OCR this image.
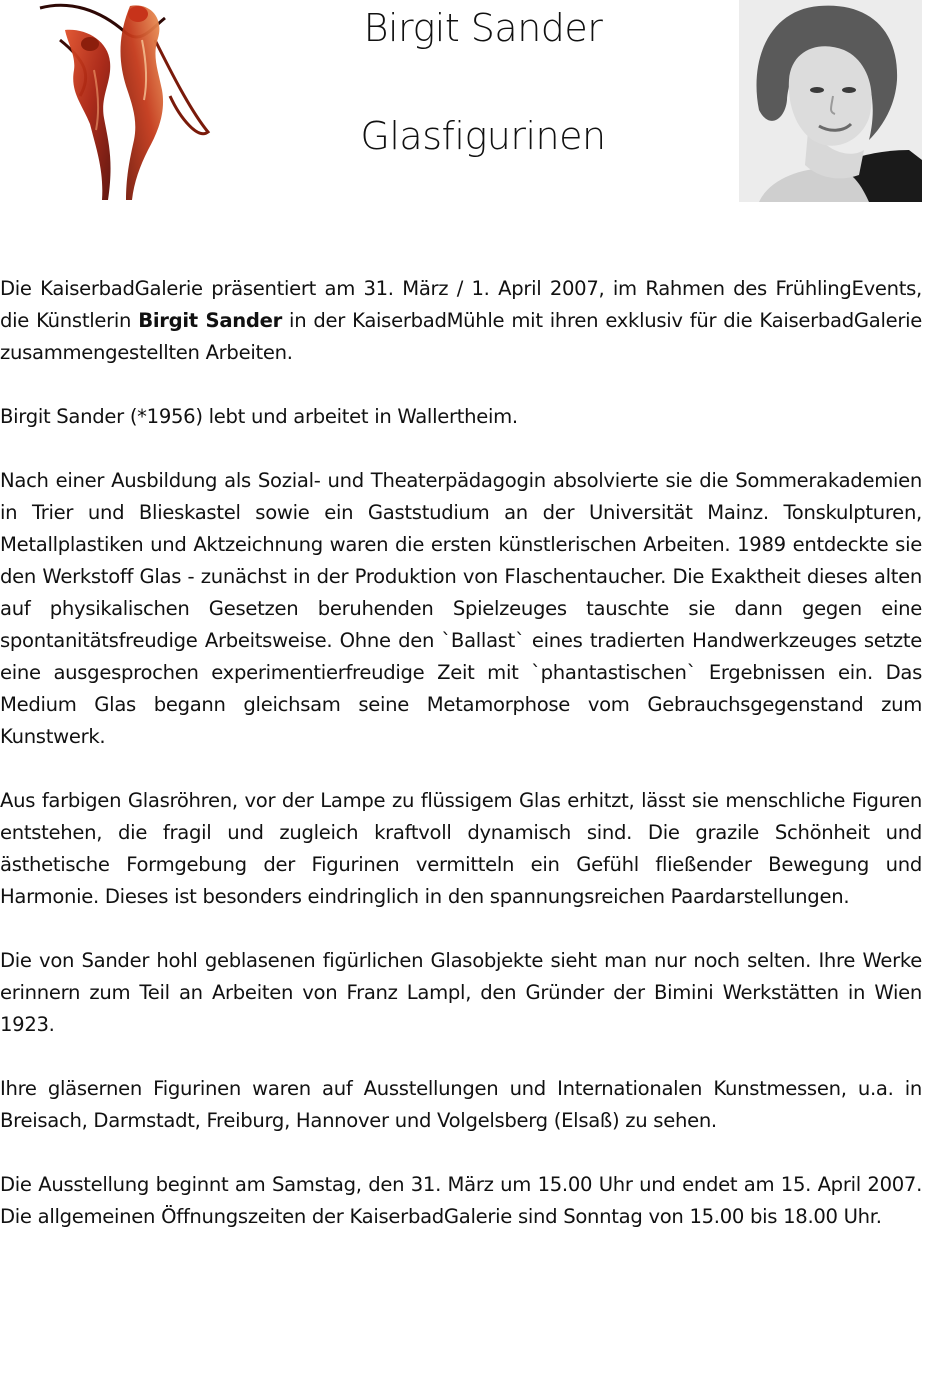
Birgit Sander
Glasfigurinen

Die KaiserbadGalerie präsentiert am 31. März / 1. April 2007, im Rahmen des FrühlingEvents, die Künstlerin Birgit Sander in der KaiserbadMühle mit ihren exklusiv für die KaiserbadGalerie zusammengestellten Arbeiten.

Birgit Sander (*1956) lebt und arbeitet in Wallertheim.

Nach einer Ausbildung als Sozial- und Theaterpädagogin absolvierte sie die Sommerakademien in Trier und Blieskastel sowie ein Gaststudium an der Universität Mainz. Tonskulpturen, Metallplastiken und Aktzeichnung waren die ersten künstlerischen Arbeiten. 1989 entdeckte sie den Werkstoff Glas - zunächst in der Produktion von Flaschentaucher. Die Exaktheit dieses alten auf physikalischen Gesetzen beruhenden Spielzeuges tauschte sie dann gegen eine spontanitätsfreudige Arbeitsweise. Ohne den `Ballast` eines tradierten Handwerkzeuges setzte eine ausgesprochen experimentierfreudige Zeit mit `phantastischen` Ergebnissen ein. Das Medium Glas begann gleichsam seine Metamorphose vom Gebrauchsgegenstand zum Kunstwerk.

Aus farbigen Glasröhren, vor der Lampe zu flüssigem Glas erhitzt, lässt sie menschliche Figuren entstehen, die fragil und zugleich kraftvoll dynamisch sind. Die grazile Schönheit und ästhetische Formgebung der Figurinen vermitteln ein Gefühl fließender Bewegung und Harmonie. Dieses ist besonders eindringlich in den spannungsreichen Paardarstellungen.

Die von Sander hohl geblasenen figürlichen Glasobjekte sieht man nur noch selten. Ihre Werke erinnern zum Teil an Arbeiten von Franz Lampl, den Gründer der Bimini Werkstätten in Wien 1923.

Ihre gläsernen Figurinen waren auf Ausstellungen und Internationalen Kunstmessen, u.a. in Breisach, Darmstadt, Freiburg, Hannover und Volgelsberg (Elsaß) zu sehen.

Die Ausstellung beginnt am Samstag, den 31. März um 15.00 Uhr und endet am 15. April 2007. Die allgemeinen Öffnungszeiten der KaiserbadGalerie sind Sonntag von 15.00 bis 18.00 Uhr.
